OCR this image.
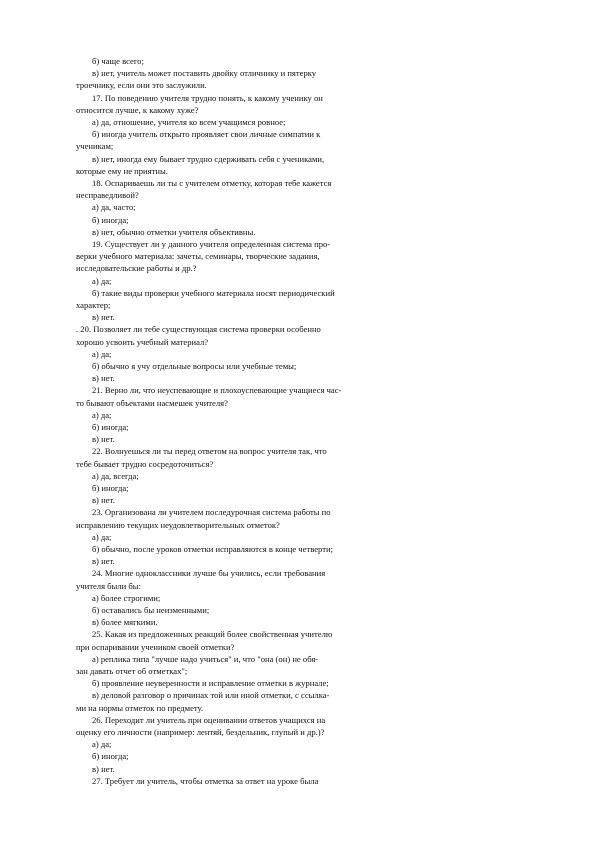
б) чаще всего;
в) нет, учитель может поставить двойку отличнику и пятерку
троечнику, если они это заслужили.
17. По поведению учителя трудно понять, к какому ученику он
относится лучше, к какому хуже?
а) да, отношение, учителя ко всем учащимся ровное;
б) иногда учитель открыто проявляет свои личные симпатии к
ученикам;
в) нет, иногда ему бывает трудно сдерживать себя с учениками,
которые ему не приятны.
18. Оспариваешь ли ты с учителем отметку, которая тебе кажется
несправедливой?
а) да, часто;
б) иногда;
в) нет, обычно отметки учителя объективны.
19. Существует ли у данного учителя определенная система про-
верки учебного материала: зачеты, семинары, творческие задания,
исследовательские работы и др.?
а) да;
б) такие виды проверки учебного материала носят периодический
характер;
в) нет.
. 20. Позволяет ли тебе существующая система проверки особенно
хорошо усвоить учебный материал?
а) да;
б) обычно я учу отдельные вопросы или учебные темы;
в) нет.
21. Верно ли, что неуспевающие и плохоуспевающие учащиеся час-
то бывают объектами насмешек учителя?
а) да;
б) иногда;
в) нет.
22. Волнуешься ли ты перед ответом на вопрос учителя так, что
тебе бывает трудно сосредоточиться?
а) да, всегда;
б) иногда;
в) нет.
23. Организована ли учителем последурочная система работы по
исправлению текущих неудовлетворительных отметок?
а) да;
б) обычно, после уроков отметки исправляются в конце четверти;
в) нет.
24. Многие одноклассники лучше бы учились, если требования
учителя были бы:
а) более строгими;
б) оставались бы неизменными;
в) более мягкими.
25. Какая из предложенных реакций более свойственная учителю
при оспаривании учеником своей отметки?
а) реплика типа "лучше надо учиться" и, что "она (он) не обя-
зан давать отчет об отметках";
б) проявление неуверенности и исправление отметки в журнале;
в) деловой разговор о причинах той или иной отметки, с ссылка-
ми на нормы отметок по предмету.
26. Переходит ли учитель при оценивании ответов учащихся на
оценку его личности (например: лентяй, бездельник, глупый и др.)?
а) да;
б) иногда;
в) нет.
27. Требует ли учитель, чтобы отметка за ответ на уроке была
